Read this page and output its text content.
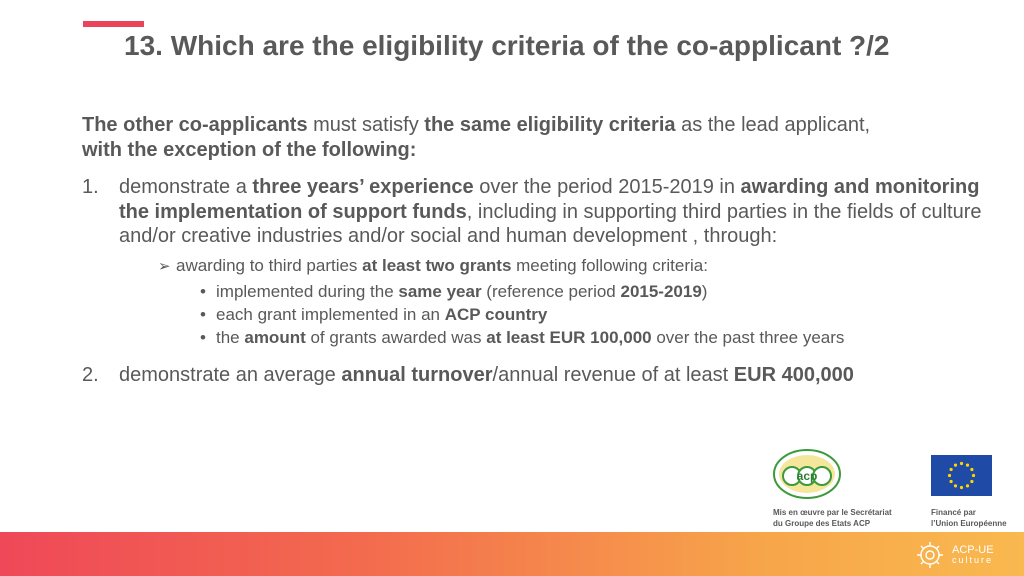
13. Which are the eligibility criteria of the co-applicant ?/2

The other co-applicants must satisfy the same eligibility criteria as the lead applicant,
with the exception of the following:

1.	demonstrate a three years’ experience over the period 2015-2019 in awarding and monitoring the implementation of support funds, including in supporting third parties in the fields of culture and/or creative industries and/or social and human development , through:
➢ awarding to third parties at least two grants meeting following criteria:
• implemented during the same year (reference period 2015-2019)
• each grant implemented in an ACP country
• the amount of grants awarded was at least EUR 100,000 over the past three years
2.	demonstrate an average annual turnover/annual revenue of at least EUR 400,000
acp
Mis en œuvre par le Secrétariat
du Groupe des Etats ACP
Financé par
l’Union Européenne
ACP-UE
culture
